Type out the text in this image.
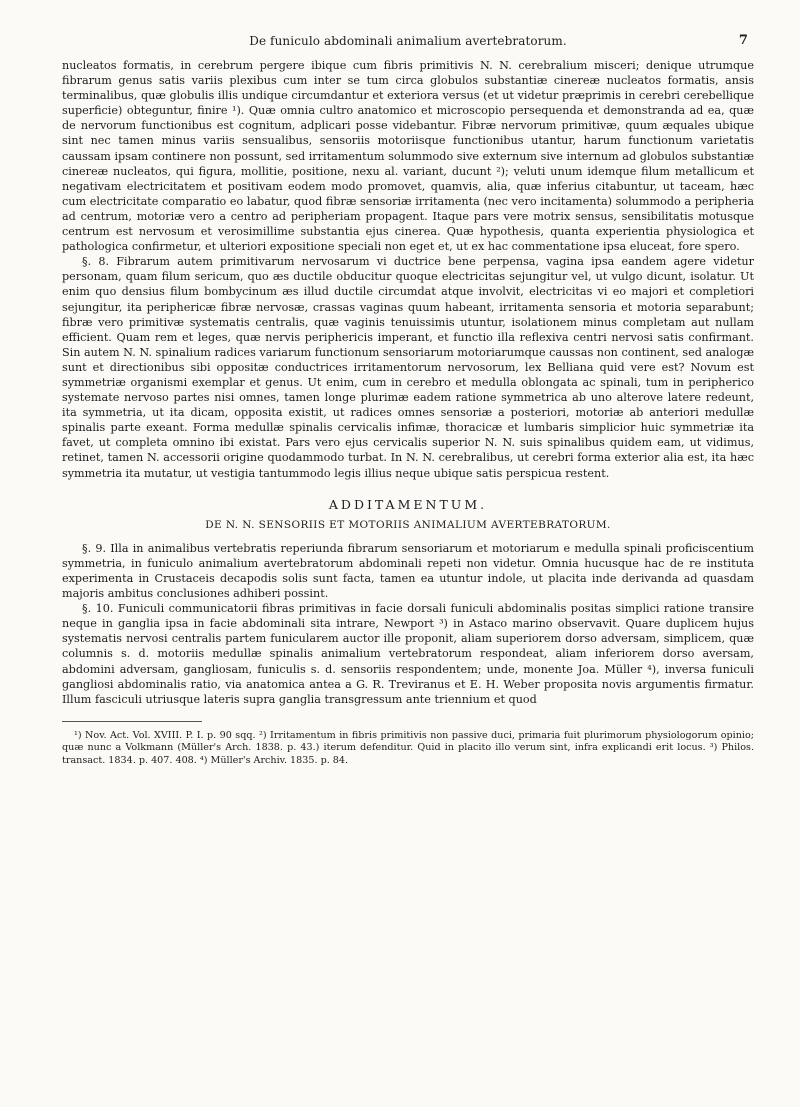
De funiculo abdominali animalium avertebratorum.	7

nucleatos formatis, in cerebrum pergere ibique cum fibris primitivis N. N. cerebralium misceri; denique utrumque fibrarum genus satis variis plexibus cum inter se tum circa globulos substantiæ cinereæ nucleatos formatis, ansis terminalibus, quæ globulis illis undique circumdantur et exteriora versus (et ut videtur præprimis in cerebri cerebellique superficie) obteguntur, finire ¹). Quæ omnia cultro anatomico et microscopio persequenda et demonstranda ad ea, quæ de nervorum functionibus est cognitum, adplicari posse videbantur. Fibræ nervorum primitivæ, quum æquales ubique sint nec tamen minus variis sensualibus, sensoriis motoriisque functionibus utantur, harum functionum varietatis caussam ipsam continere non possunt, sed irritamentum solummodo sive externum sive internum ad globulos substantiæ cinereæ nucleatos, qui figura, mollitie, positione, nexu al. variant, ducunt ²); veluti unum idemque filum metallicum et negativam electricitatem et positivam eodem modo promovet, quamvis, alia, quæ inferius citabuntur, ut taceam, hæc cum electricitate comparatio eo labatur, quod fibræ sensoriæ irritamenta (nec vero incitamenta) solummodo a peripheria ad centrum, motoriæ vero a centro ad peripheriam propagent. Itaque pars vere motrix sensus, sensibilitatis motusque centrum est nervosum et verosimillime substantia ejus cinerea. Quæ hypothesis, quanta experientia physiologica et pathologica confirmetur, et ulteriori expositione speciali non eget et, ut ex hac commentatione ipsa eluceat, fore spero.

§. 8. Fibrarum autem primitivarum nervosarum vi ductrice bene perpensa, vagina ipsa eandem agere videtur personam, quam filum sericum, quo æs ductile obducitur quoque electricitas sejungitur vel, ut vulgo dicunt, isolatur. Ut enim quo densius filum bombycinum æs illud ductile circumdat atque involvit, electricitas vi eo majori et completiori sejungitur, ita periphericæ fibræ nervosæ, crassas vaginas quum habeant, irritamenta sensoria et motoria separabunt; fibræ vero primitivæ systematis centralis, quæ vaginis tenuissimis utuntur, isolationem minus completam aut nullam efficient. Quam rem et leges, quæ nervis periphericis imperant, et functio illa reflexiva centri nervosi satis confirmant. Sin autem N. N. spinalium radices variarum functionum sensoriarum motoriarumque caussas non continent, sed analogæ sunt et directionibus sibi oppositæ conductrices irritamentorum nervosorum, lex Belliana quid vere est? Novum est symmetriæ organismi exemplar et genus. Ut enim, cum in cerebro et medulla oblongata ac spinali, tum in peripherico systemate nervoso partes nisi omnes, tamen longe plurimæ eadem ratione symmetrica ab uno alterove latere redeunt, ita symmetria, ut ita dicam, opposita existit, ut radices omnes sensoriæ a posteriori, motoriæ ab anteriori medullæ spinalis parte exeant. Forma medullæ spinalis cervicalis infimæ, thoracicæ et lumbaris simplicior huic symmetriæ ita favet, ut completa omnino ibi existat. Pars vero ejus cervicalis superior N. N. suis spinalibus quidem eam, ut vidimus, retinet, tamen N. accessorii origine quodammodo turbat. In N. N. cerebralibus, ut cerebri forma exterior alia est, ita hæc symmetria ita mutatur, ut vestigia tantummodo legis illius neque ubique satis perspicua restent.

ADDITAMENTUM.
DE N. N. SENSORIIS ET MOTORIIS ANIMALIUM AVERTEBRATORUM.

§. 9. Illa in animalibus vertebratis reperiunda fibrarum sensoriarum et motoriarum e medulla spinali proficiscentium symmetria, in funiculo animalium avertebratorum abdominali repeti non videtur. Omnia hucusque hac de re instituta experimenta in Crustaceis decapodis solis sunt facta, tamen ea utuntur indole, ut placita inde derivanda ad quasdam majoris ambitus conclusiones adhiberi possint.

§. 10. Funiculi communicatorii fibras primitivas in facie dorsali funiculi abdominalis positas simplici ratione transire neque in ganglia ipsa in facie abdominali sita intrare, Newport ³) in Astaco marino observavit. Quare duplicem hujus systematis nervosi centralis partem funicularem auctor ille proponit, aliam superiorem dorso adversam, simplicem, quæ columnis s. d. motoriis medullæ spinalis animalium vertebratorum respondeat, aliam inferiorem dorso aversam, abdomini adversam, gangliosam, funiculis s. d. sensoriis respondentem; unde, monente Joa. Müller ⁴), inversa funiculi gangliosi abdominalis ratio, via anatomica antea a G. R. Treviranus et E. H. Weber proposita novis argumentis firmatur. Illum fasciculi utriusque lateris supra ganglia transgressum ante triennium et quod

¹) Nov. Act. Vol. XVIII. P. I. p. 90 sqq. ²) Irritamentum in fibris primitivis non passive duci, primaria fuit plurimorum physiologorum opinio; quæ nunc a Volkmann (Müller's Arch. 1838. p. 43.) iterum defenditur. Quid in placito illo verum sint, infra explicandi erit locus. ³) Philos. transact. 1834. p. 407. 408. ⁴) Müller's Archiv. 1835. p. 84.
